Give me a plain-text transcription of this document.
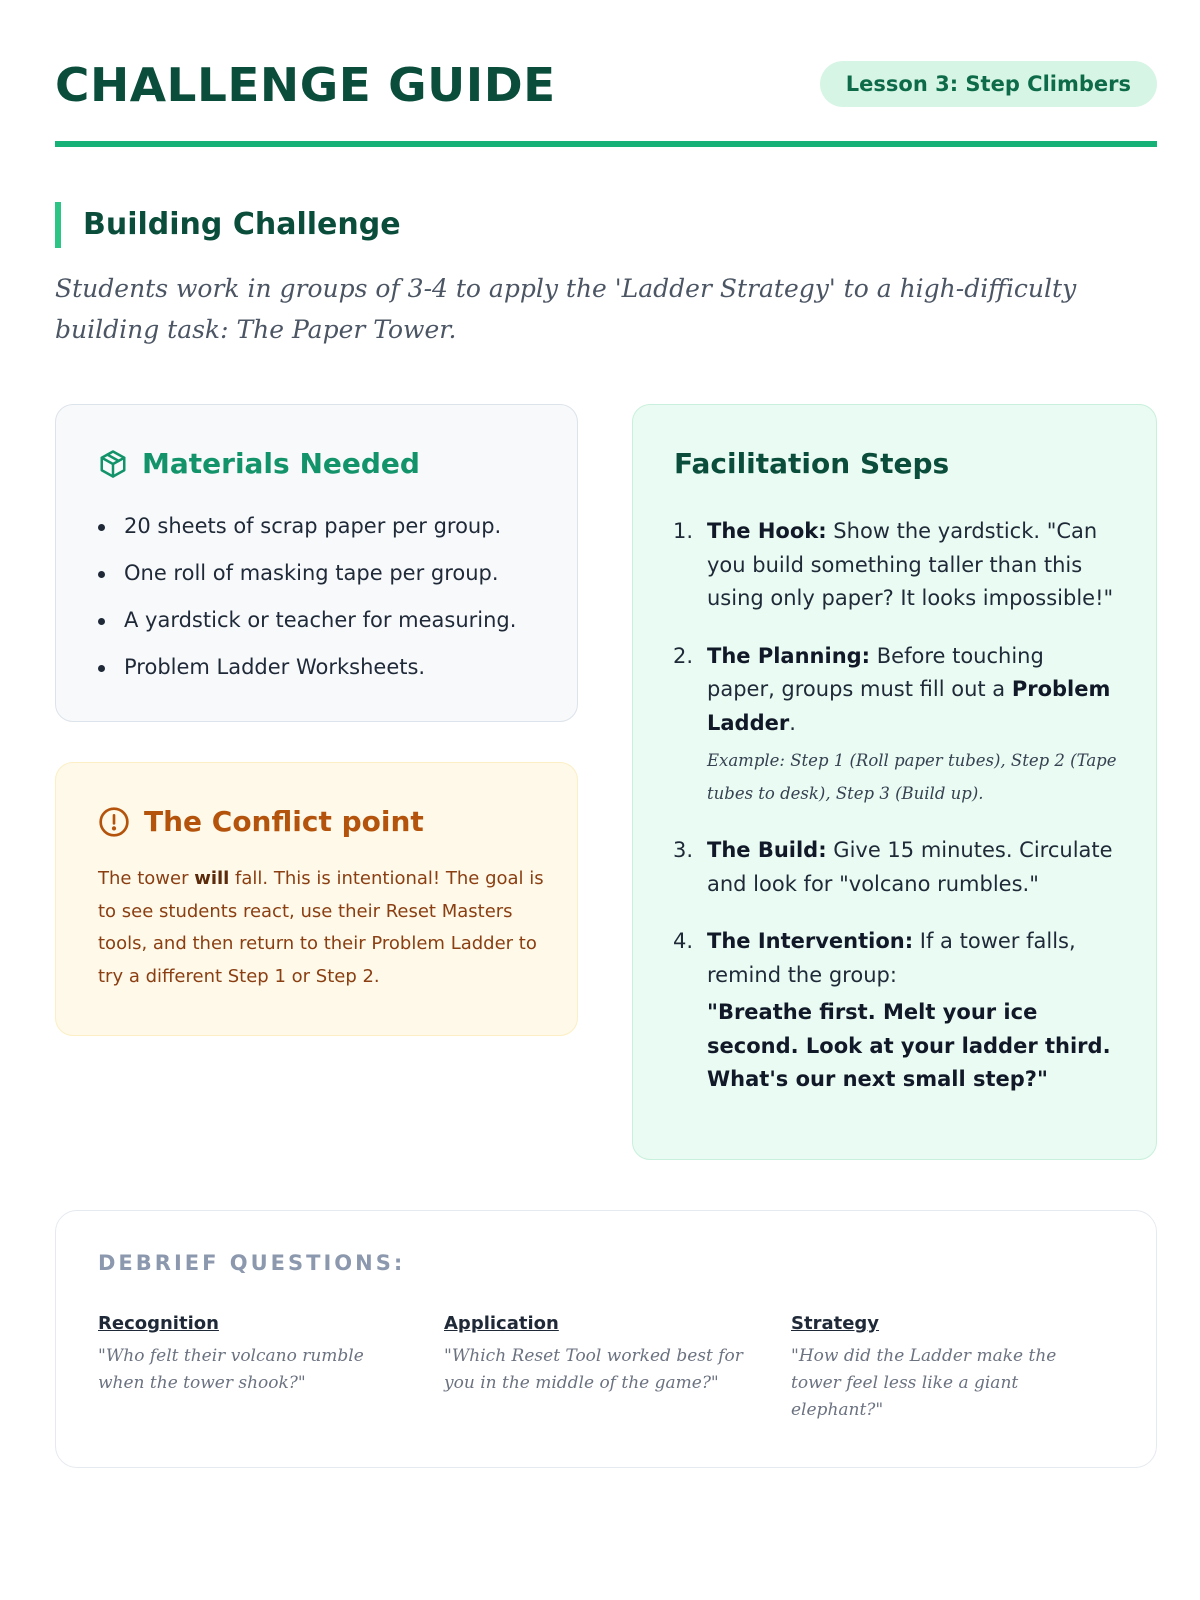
CHALLENGE GUIDE	Lesson 3: Step Climbers
Building Challenge
Students work in groups of 3-4 to apply the 'Ladder Strategy' to a high-difficulty building task: The Paper Tower.
Materials Needed
20 sheets of scrap paper per group.
One roll of masking tape per group.
A yardstick or teacher for measuring.
Problem Ladder Worksheets.
The Conflict point
The tower will fall. This is intentional! The goal is to see students react, use their Reset Masters tools, and then return to their Problem Ladder to try a different Step 1 or Step 2.
Facilitation Steps
1. The Hook: Show the yardstick. "Can you build something taller than this using only paper? It looks impossible!"
2. The Planning: Before touching paper, groups must fill out a Problem Ladder.
Example: Step 1 (Roll paper tubes), Step 2 (Tape tubes to desk), Step 3 (Build up).
3. The Build: Give 15 minutes. Circulate and look for "volcano rumbles."
4. The Intervention: If a tower falls, remind the group:
"Breathe first. Melt your ice second. Look at your ladder third. What's our next small step?"
DEBRIEF QUESTIONS:
Recognition
"Who felt their volcano rumble when the tower shook?"
Application
"Which Reset Tool worked best for you in the middle of the game?"
Strategy
"How did the Ladder make the tower feel less like a giant elephant?"
